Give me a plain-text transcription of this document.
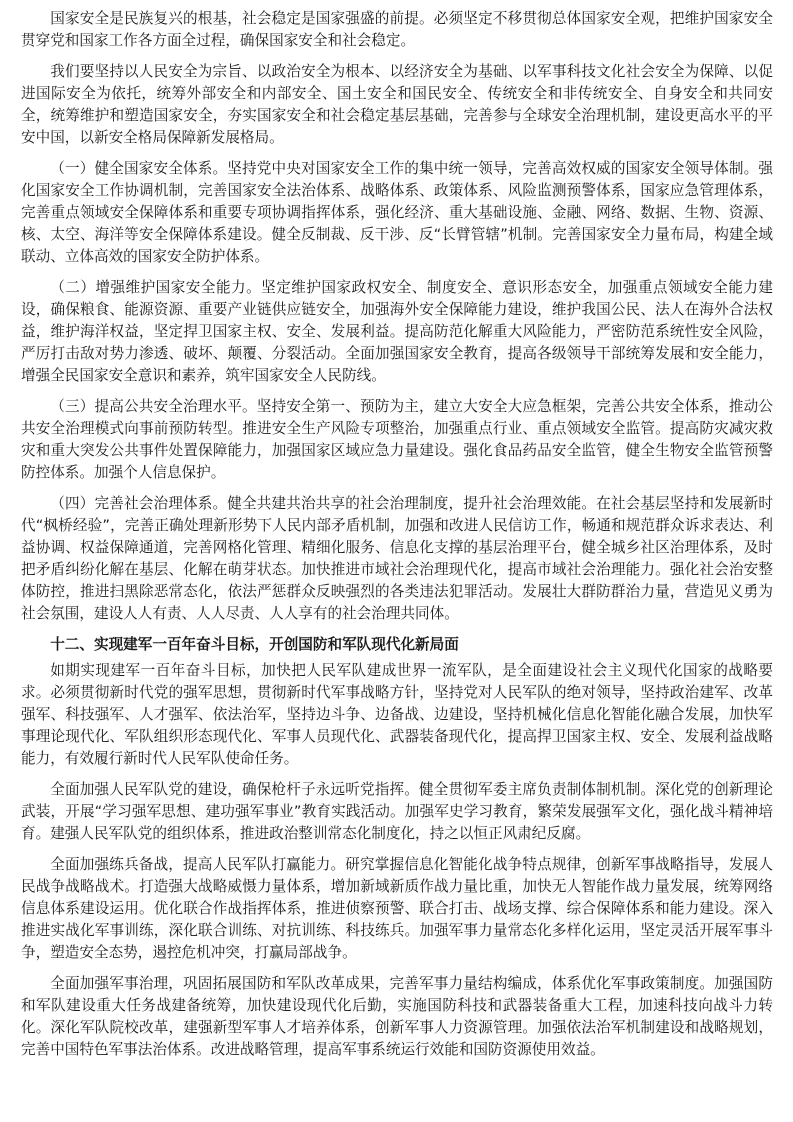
国家安全是民族复兴的根基，社会稳定是国家强盛的前提。必须坚定不移贯彻总体国家安全观，把维护国家安全贯穿党和国家工作各方面全过程，确保国家安全和社会稳定。

我们要坚持以人民安全为宗旨、以政治安全为根本、以经济安全为基础、以军事科技文化社会安全为保障、以促进国际安全为依托，统筹外部安全和内部安全、国土安全和国民安全、传统安全和非传统安全、自身安全和共同安全，统筹维护和塑造国家安全，夯实国家安全和社会稳定基层基础，完善参与全球安全治理机制，建设更高水平的平安中国，以新安全格局保障新发展格局。

（一）健全国家安全体系。坚持党中央对国家安全工作的集中统一领导，完善高效权威的国家安全领导体制。强化国家安全工作协调机制，完善国家安全法治体系、战略体系、政策体系、风险监测预警体系，国家应急管理体系，完善重点领域安全保障体系和重要专项协调指挥体系，强化经济、重大基础设施、金融、网络、数据、生物、资源、核、太空、海洋等安全保障体系建设。健全反制裁、反干涉、反“长臂管辖”机制。完善国家安全力量布局，构建全域联动、立体高效的国家安全防护体系。

（二）增强维护国家安全能力。坚定维护国家政权安全、制度安全、意识形态安全，加强重点领域安全能力建设，确保粮食、能源资源、重要产业链供应链安全，加强海外安全保障能力建设，维护我国公民、法人在海外合法权益，维护海洋权益，坚定捍卫国家主权、安全、发展利益。提高防范化解重大风险能力，严密防范系统性安全风险，严厉打击敌对势力渗透、破坏、颠覆、分裂活动。全面加强国家安全教育，提高各级领导干部统筹发展和安全能力，增强全民国家安全意识和素养，筑牢国家安全人民防线。

（三）提高公共安全治理水平。坚持安全第一、预防为主，建立大安全大应急框架，完善公共安全体系，推动公共安全治理模式向事前预防转型。推进安全生产风险专项整治，加强重点行业、重点领域安全监管。提高防灾减灾救灾和重大突发公共事件处置保障能力，加强国家区域应急力量建设。强化食品药品安全监管，健全生物安全监管预警防控体系。加强个人信息保护。

（四）完善社会治理体系。健全共建共治共享的社会治理制度，提升社会治理效能。在社会基层坚持和发展新时代“枫桥经验”，完善正确处理新形势下人民内部矛盾机制，加强和改进人民信访工作，畅通和规范群众诉求表达、利益协调、权益保障通道，完善网格化管理、精细化服务、信息化支撑的基层治理平台，健全城乡社区治理体系，及时把矛盾纠纷化解在基层、化解在萌芽状态。加快推进市域社会治理现代化，提高市域社会治理能力。强化社会治安整体防控，推进扫黑除恶常态化，依法严惩群众反映强烈的各类违法犯罪活动。发展壮大群防群治力量，营造见义勇为社会氛围，建设人人有责、人人尽责、人人享有的社会治理共同体。

十二、实现建军一百年奋斗目标，开创国防和军队现代化新局面

如期实现建军一百年奋斗目标，加快把人民军队建成世界一流军队，是全面建设社会主义现代化国家的战略要求。必须贯彻新时代党的强军思想，贯彻新时代军事战略方针，坚持党对人民军队的绝对领导，坚持政治建军、改革强军、科技强军、人才强军、依法治军，坚持边斗争、边备战、边建设，坚持机械化信息化智能化融合发展，加快军事理论现代化、军队组织形态现代化、军事人员现代化、武器装备现代化，提高捍卫国家主权、安全、发展利益战略能力，有效履行新时代人民军队使命任务。

全面加强人民军队党的建设，确保枪杆子永远听党指挥。健全贯彻军委主席负责制体制机制。深化党的创新理论武装，开展“学习强军思想、建功强军事业”教育实践活动。加强军史学习教育，繁荣发展强军文化，强化战斗精神培育。建强人民军队党的组织体系，推进政治整训常态化制度化，持之以恒正风肃纪反腐。

全面加强练兵备战，提高人民军队打赢能力。研究掌握信息化智能化战争特点规律，创新军事战略指导，发展人民战争战略战术。打造强大战略威慑力量体系，增加新域新质作战力量比重，加快无人智能作战力量发展，统筹网络信息体系建设运用。优化联合作战指挥体系，推进侦察预警、联合打击、战场支撑、综合保障体系和能力建设。深入推进实战化军事训练，深化联合训练、对抗训练、科技练兵。加强军事力量常态化多样化运用，坚定灵活开展军事斗争，塑造安全态势，遏控危机冲突，打赢局部战争。

全面加强军事治理，巩固拓展国防和军队改革成果，完善军事力量结构编成，体系优化军事政策制度。加强国防和军队建设重大任务战建备统筹，加快建设现代化后勤，实施国防科技和武器装备重大工程，加速科技向战斗力转化。深化军队院校改革，建强新型军事人才培养体系，创新军事人力资源管理。加强依法治军机制建设和战略规划，完善中国特色军事法治体系。改进战略管理，提高军事系统运行效能和国防资源使用效益。
